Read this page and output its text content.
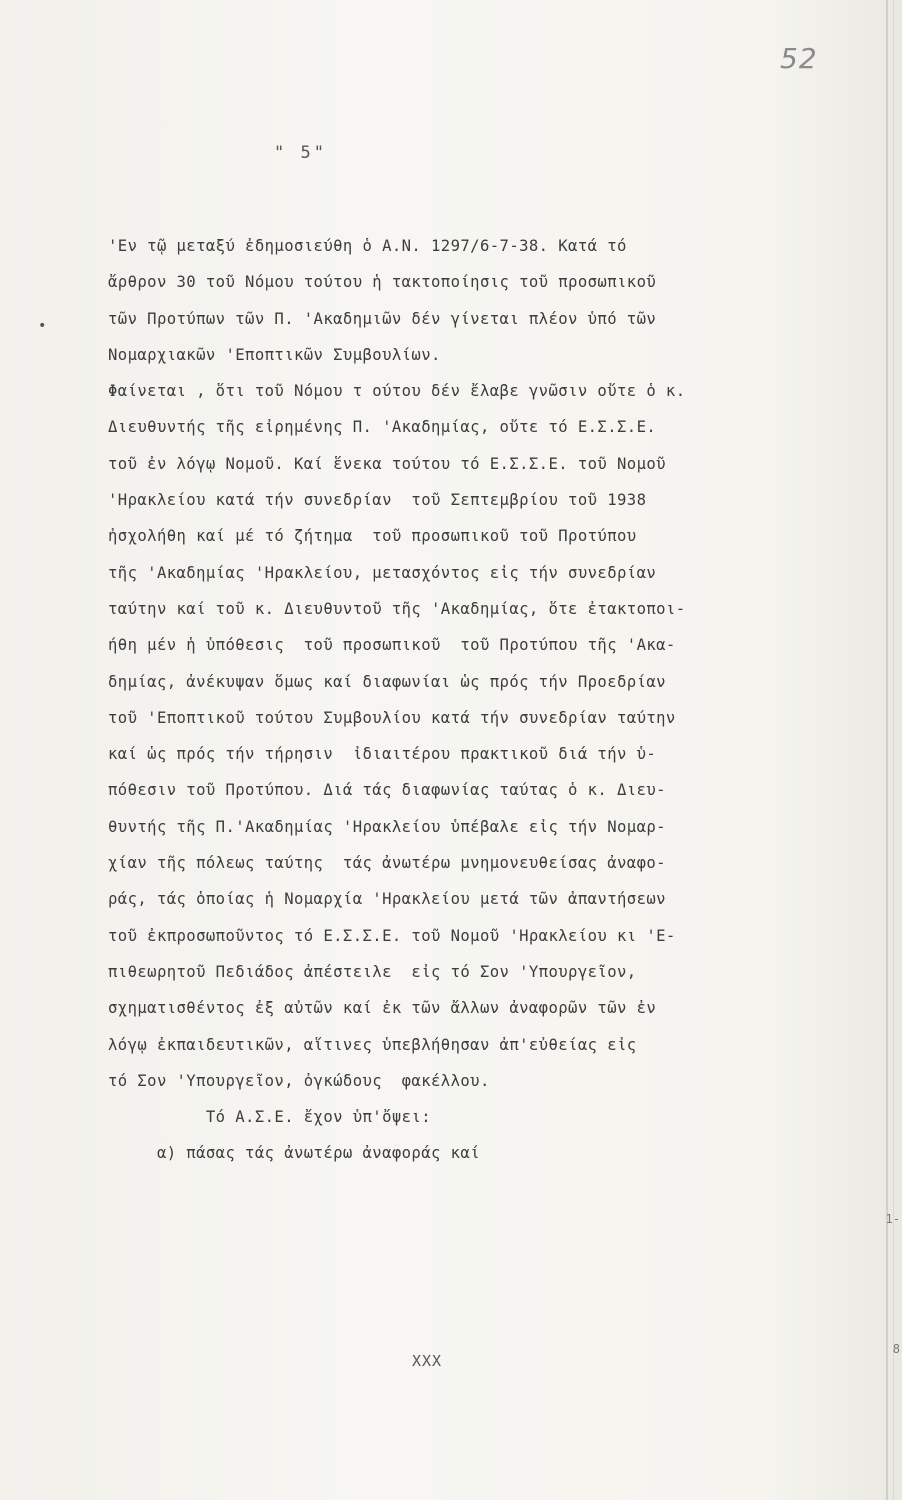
52
" 5"
•
'Εν τῷ μεταξύ ἐδημοσιεύθη ὁ Α.Ν. 1297/6-7-38. Κατά τό
ἄρθρον 30 τοῦ Νόμου τούτου ἡ τακτοποίησις τοῦ προσωπικοῦ
τῶν Προτύπων τῶν Π. 'Ακαδημιῶν δέν γίνεται πλέον ὑπό τῶν
Νομαρχιακῶν 'Εποπτικῶν Συμβουλίων.
Φαίνεται , ὅτι τοῦ Νόμου τ ούτου δέν ἔλαβε γνῶσιν οὔτε ὁ κ.
Διευθυντής τῆς εἰρημένης Π. 'Ακαδημίας, οὔτε τό Ε.Σ.Σ.Ε.
τοῦ ἐν λόγῳ Νομοῦ. Καί ἕνεκα τούτου τό Ε.Σ.Σ.Ε. τοῦ Νομοῦ
'Ηρακλείου κατά τήν συνεδρίαν  τοῦ Σεπτεμβρίου τοῦ 1938
ἠσχολήθη καί μέ τό ζήτημα  τοῦ προσωπικοῦ τοῦ Προτύπου
τῆς 'Ακαδημίας 'Ηρακλείου, μετασχόντος εἰς τήν συνεδρίαν
ταύτην καί τοῦ κ. Διευθυντοῦ τῆς 'Ακαδημίας, ὅτε ἐτακτοποι-
ήθη μέν ἡ ὑπόθεσις  τοῦ προσωπικοῦ  τοῦ Προτύπου τῆς 'Ακα-
δημίας, ἀνέκυψαν ὅμως καί διαφωνίαι ὡς πρός τήν Προεδρίαν
τοῦ 'Εποπτικοῦ τούτου Συμβουλίου κατά τήν συνεδρίαν ταύτην
καί ὡς πρός τήν τήρησιν  ἰδιαιτέρου πρακτικοῦ διά τήν ὑ-
πόθεσιν τοῦ Προτύπου. Διά τάς διαφωνίας ταύτας ὁ κ. Διευ-
θυντής τῆς Π.'Ακαδημίας 'Ηρακλείου ὑπέβαλε εἰς τήν Νομαρ-
χίαν τῆς πόλεως ταύτης  τάς ἀνωτέρω μνημονευθείσας ἀναφο-
ράς, τάς ὁποίας ἡ Νομαρχία 'Ηρακλείου μετά τῶν ἀπαντήσεων
τοῦ ἐκπροσωποῦντος τό Ε.Σ.Σ.Ε. τοῦ Νομοῦ 'Ηρακλείου κι 'Ε-
πιθεωρητοῦ Πεδιάδος ἀπέστειλε  εἰς τό Σον 'Υπουργεῖον,
σχηματισθέντος ἐξ αὐτῶν καί ἐκ τῶν ἄλλων ἀναφορῶν τῶν ἐν
λόγῳ ἐκπαιδευτικῶν, αἵτινες ὑπεβλήθησαν ἀπ'εὐθείας εἰς
τό Σον 'Υπουργεῖον, ὀγκώδους  φακέλλου.
Τό Α.Σ.Ε. ἔχον ὑπ'ὄψει:
α) πάσας τάς ἀνωτέρω ἀναφοράς καί
ΧΧΧ
1-
8
